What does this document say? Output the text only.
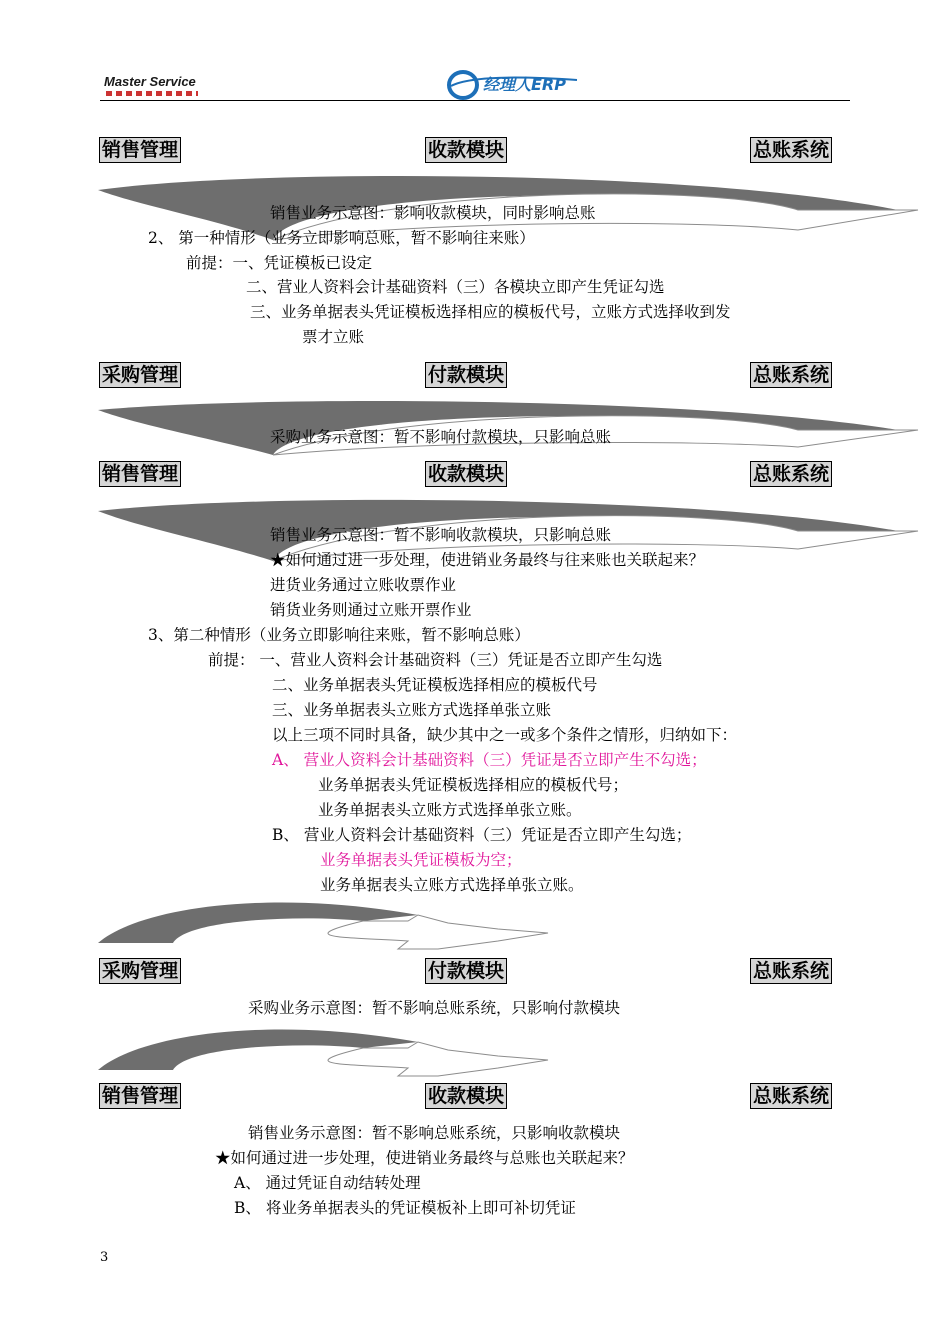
Master Service	经理人ERP
销售管理	收款模块	总账系统
销售业务示意图：影响收款模块，同时影响总账
2、 第一种情形（业务立即影响总账，暂不影响往来账）
前提：一、凭证模板已设定
二、营业人资料会计基础资料（三）各模块立即产生凭证勾选
三、业务单据表头凭证模板选择相应的模板代号，立账方式选择收到发
票才立账
采购管理	付款模块	总账系统
采购业务示意图：暂不影响付款模块，只影响总账
销售管理	收款模块	总账系统
销售业务示意图：暂不影响收款模块，只影响总账
★如何通过进一步处理，使进销业务最终与往来账也关联起来？
进货业务通过立账收票作业
销货业务则通过立账开票作业
3、第二种情形（业务立即影响往来账，暂不影响总账）
前提： 一、营业人资料会计基础资料（三）凭证是否立即产生勾选
二、业务单据表头凭证模板选择相应的模板代号
三、业务单据表头立账方式选择单张立账
以上三项不同时具备，缺少其中之一或多个条件之情形，归纳如下：
A、 营业人资料会计基础资料（三）凭证是否立即产生不勾选；
业务单据表头凭证模板选择相应的模板代号；
业务单据表头立账方式选择单张立账。
B、 营业人资料会计基础资料（三）凭证是否立即产生勾选；
业务单据表头凭证模板为空；
业务单据表头立账方式选择单张立账。
采购管理	付款模块	总账系统
采购业务示意图：暂不影响总账系统，只影响付款模块
销售管理	收款模块	总账系统
销售业务示意图：暂不影响总账系统，只影响收款模块
★如何通过进一步处理，使进销业务最终与总账也关联起来？
A、 通过凭证自动结转处理
B、 将业务单据表头的凭证模板补上即可补切凭证
3
